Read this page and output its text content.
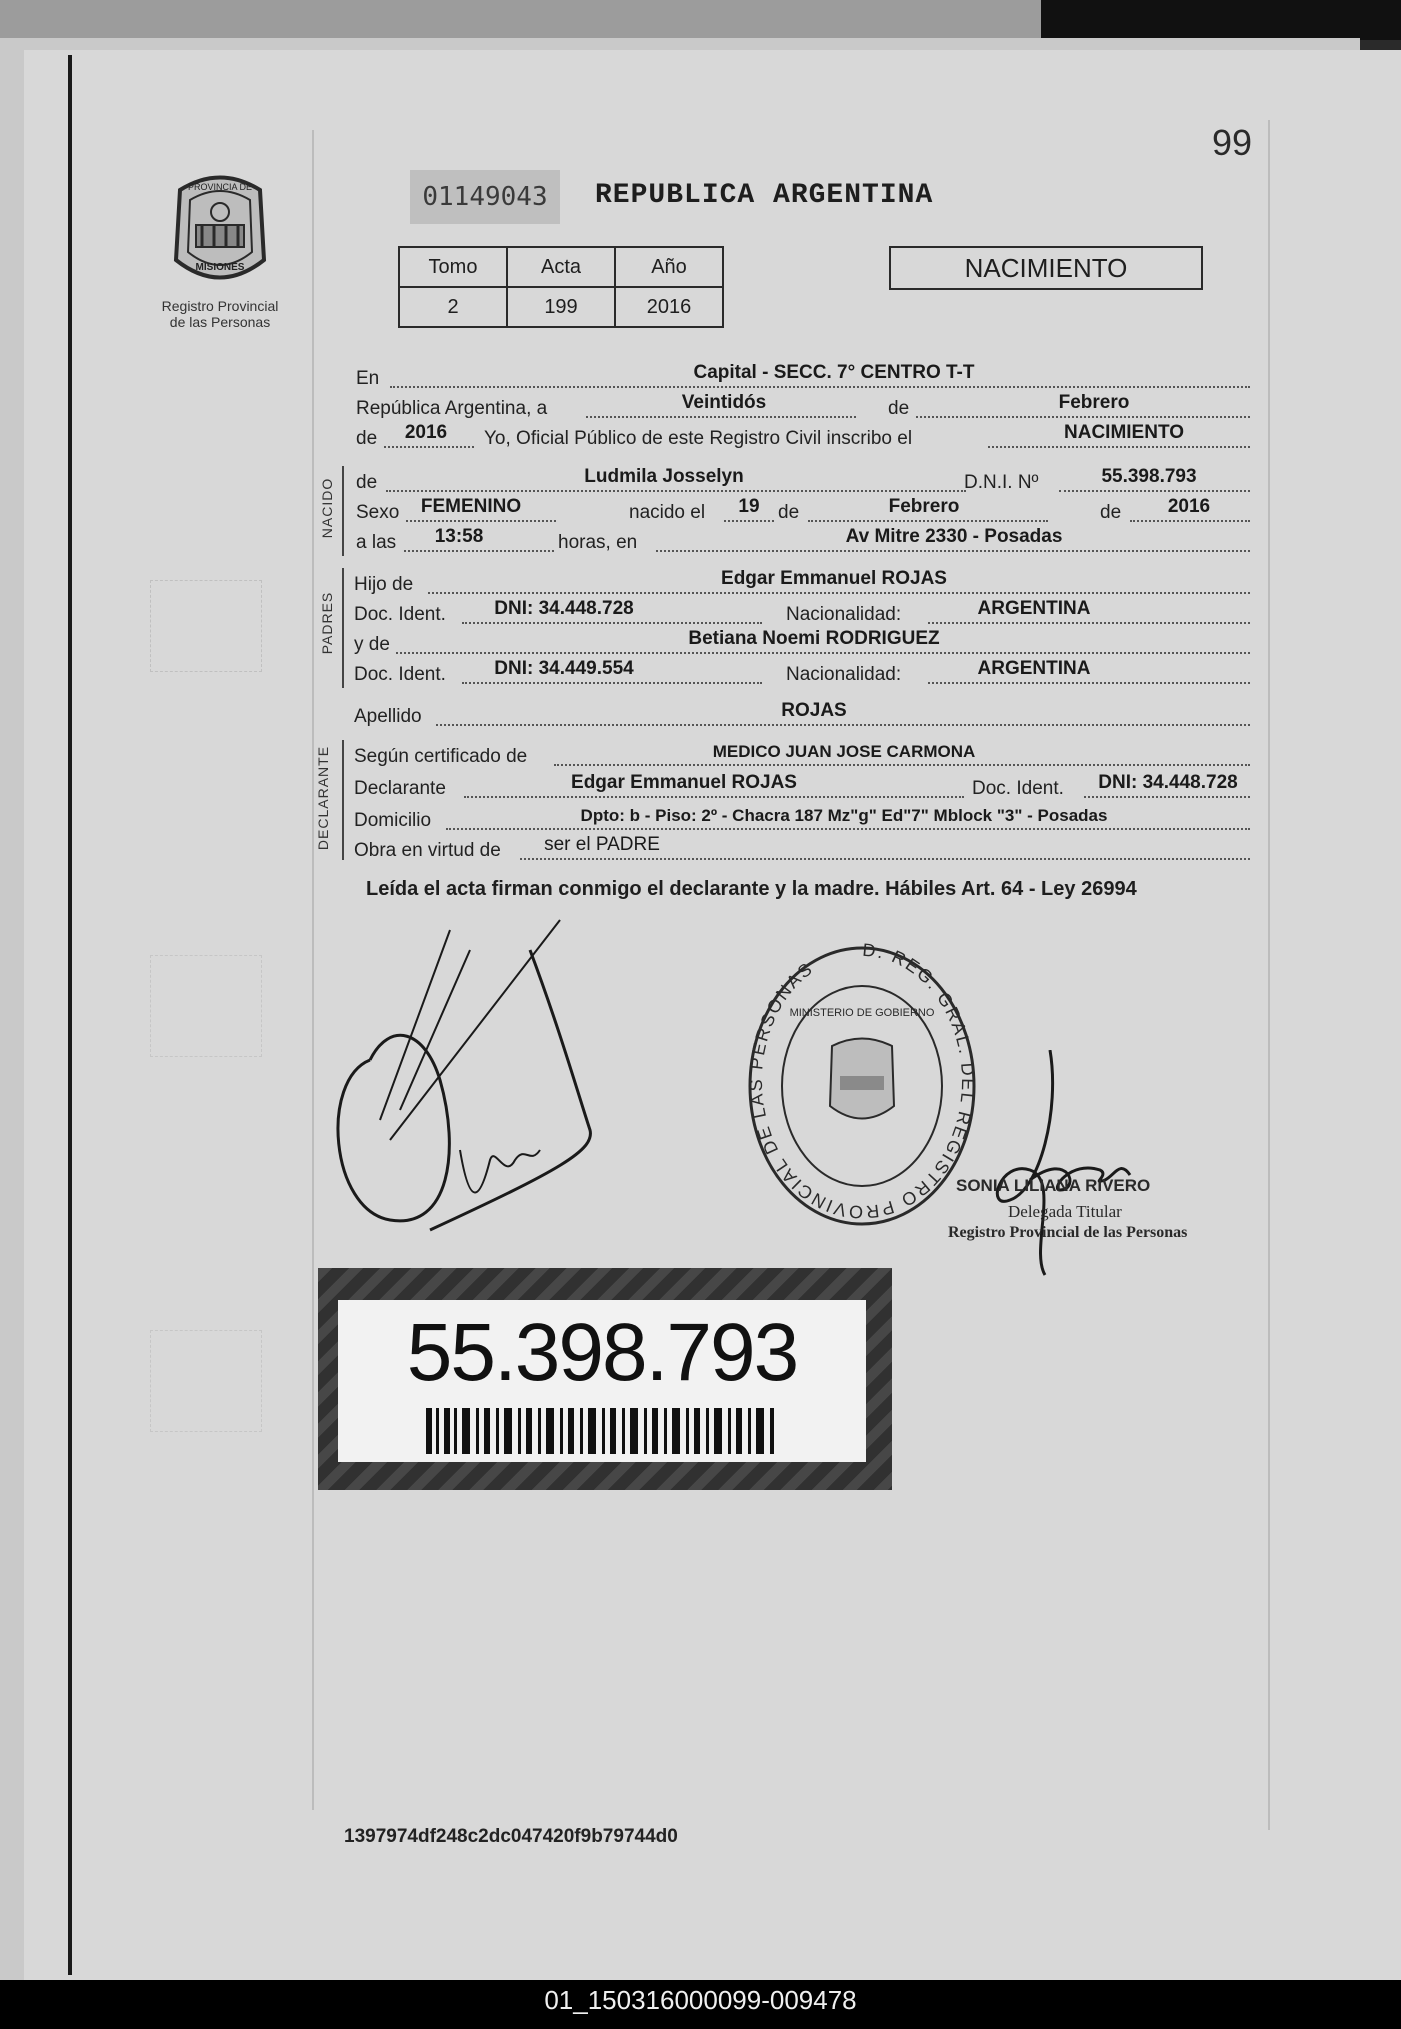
99
PROVINCIA DE
MISIONES
Registro Provincial
de las Personas
01149043	REPUBLICA ARGENTINA
Tomo	Acta	Año
2	199	2016
NACIMIENTO
En	Capital - SECC. 7° CENTRO T-T
República Argentina, a	Veintidós	de	Febrero
de	2016	Yo, Oficial Público de este Registro Civil inscribo el	NACIMIENTO
NACIDO de	Ludmila Josselyn	D.N.I. Nº	55.398.793
Sexo	FEMENINO	nacido el	19 de	Febrero	de	2016
a las	13:58	horas, en	Av Mitre 2330 - Posadas
PADRES
Hijo de	Edgar Emmanuel ROJAS
Doc. Ident.	DNI: 34.448.728	Nacionalidad:	ARGENTINA
y de	Betiana Noemi RODRIGUEZ
Doc. Ident.	DNI: 34.449.554	Nacionalidad:	ARGENTINA
Apellido	ROJAS
DECLARANTE Según certificado de	MEDICO JUAN JOSE CARMONA
Declarante	Edgar Emmanuel ROJAS	Doc. Ident.	DNI: 34.448.728
Domicilio	Dpto: b - Piso: 2º - Chacra 187 Mz"g" Ed"7" Mblock "3" - Posadas
Obra en virtud de	ser el PADRE
Leída el acta firman conmigo el declarante y la madre. Hábiles Art. 64 - Ley 26994
D. REG. GRAL. DEL REGISTRO PROVINCIAL DE LAS PERSONAS
MINISTERIO DE GOBIERNO
SONIA LILIANA RIVERO
Delegada Titular
Registro Provincial de las Personas
55.398.793
1397974df248c2dc047420f9b79744d0
01_150316000099-009478
